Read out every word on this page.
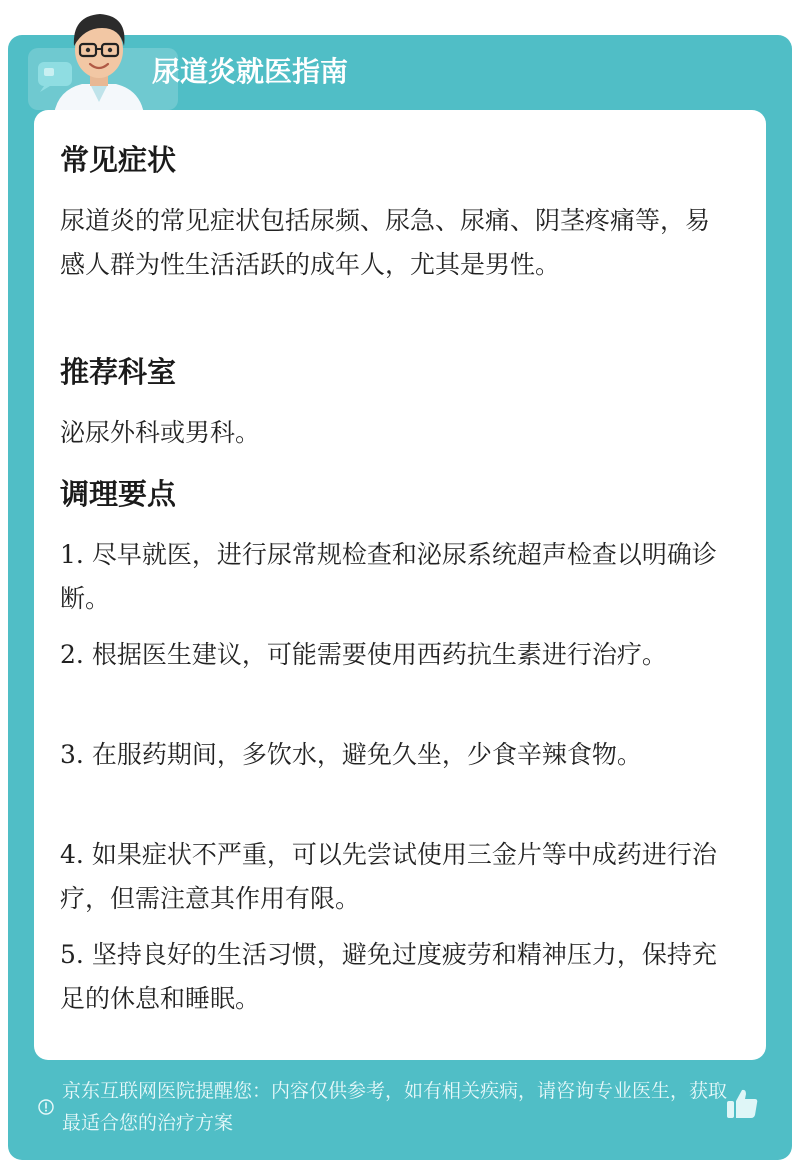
尿道炎就医指南
常见症状
尿道炎的常见症状包括尿频、尿急、尿痛、阴茎疼痛等，易感人群为性生活活跃的成年人，尤其是男性。
推荐科室
泌尿外科或男科。
调理要点
1. 尽早就医，进行尿常规检查和泌尿系统超声检查以明确诊断。
2. 根据医生建议，可能需要使用西药抗生素进行治疗。
3. 在服药期间，多饮水，避免久坐，少食辛辣食物。
4. 如果症状不严重，可以先尝试使用三金片等中成药进行治疗，但需注意其作用有限。
5. 坚持良好的生活习惯，避免过度疲劳和精神压力，保持充足的休息和睡眠。
京东互联网医院提醒您：内容仅供参考，如有相关疾病，请咨询专业医生，获取最适合您的治疗方案
